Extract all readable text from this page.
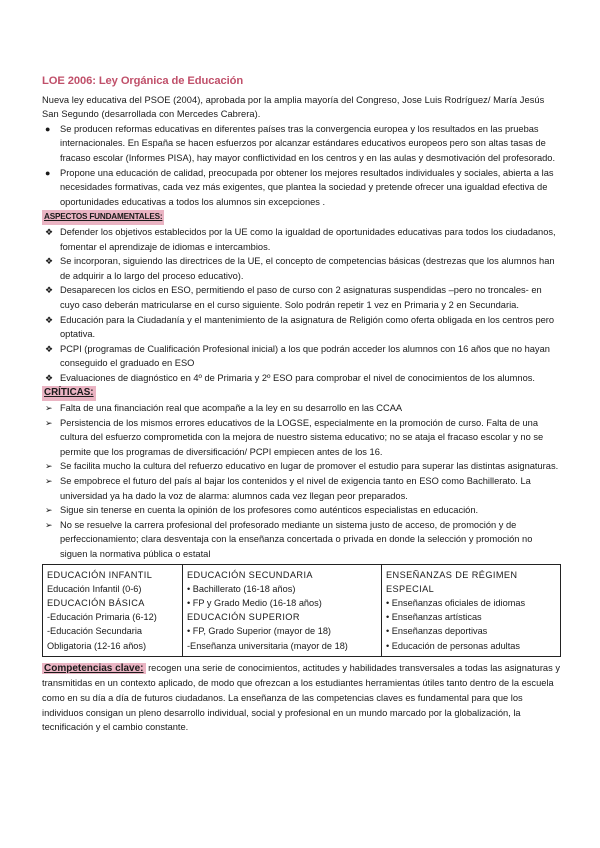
LOE 2006: Ley Orgánica de Educación
Nueva ley educativa del PSOE (2004), aprobada por la amplia mayoría del Congreso, Jose Luis Rodríguez/ María Jesús San Segundo (desarrollada con Mercedes Cabrera).
● Se producen reformas educativas en diferentes países tras la convergencia europea y los resultados en las pruebas internacionales. En España se hacen esfuerzos por alcanzar estándares educativos europeos pero son altas tasas de fracaso escolar (Informes PISA), hay mayor conflictividad en los centros y en las aulas y desmotivación del profesorado.
● Propone una educación de calidad, preocupada por obtener los mejores resultados individuales y sociales, abierta a las necesidades formativas, cada vez más exigentes, que plantea la sociedad y pretende ofrecer una igualdad efectiva de oportunidades educativas a todos los alumnos sin excepciones .
ASPECTOS FUNDAMENTALES:
❖ Defender los objetivos establecidos por la UE como la igualdad de oportunidades educativas para todos los ciudadanos, fomentar el aprendizaje de idiomas e intercambios.
❖ Se incorporan, siguiendo las directrices de la UE, el concepto de competencias básicas (destrezas que los alumnos han de adquirir a lo largo del proceso educativo).
❖ Desaparecen los ciclos en ESO, permitiendo el paso de curso con 2 asignaturas suspendidas –pero no troncales- en cuyo caso deberán matricularse en el curso siguiente. Solo podrán repetir 1 vez en Primaria y 2 en Secundaria.
❖ Educación para la Ciudadanía y el mantenimiento de la asignatura de Religión como oferta obligada en los centros pero optativa.
❖ PCPI (programas de Cualificación Profesional inicial) a los que podrán acceder los alumnos con 16 años que no hayan conseguido el graduado en ESO
❖ Evaluaciones de diagnóstico en 4º de Primaria y 2º ESO para comprobar el nivel de conocimientos de los alumnos.
CRÍTICAS:
➢ Falta de una financiación real que acompañe a la ley en su desarrollo en las CCAA
➢ Persistencia de los mismos errores educativos de la LOGSE, especialmente en la promoción de curso. Falta de una cultura del esfuerzo comprometida con la mejora de nuestro sistema educativo; no se ataja el fracaso escolar y no se permite que los programas de diversificación/ PCPI empiecen antes de los 16.
➢ Se facilita mucho la cultura del refuerzo educativo en lugar de promover el estudio para superar las distintas asignaturas.
➢ Se empobrece el futuro del país al bajar los contenidos y el nivel de exigencia tanto en ESO como Bachillerato. La universidad ya ha dado la voz de alarma: alumnos cada vez llegan peor preparados.
➢ Sigue sin tenerse en cuenta la opinión de los profesores como auténticos especialistas en educación.
➢ No se resuelve la carrera profesional del profesorado mediante un sistema justo de acceso, de promoción y de perfeccionamiento; clara desventaja con la enseñanza concertada o privada en donde la selección y promoción no siguen la normativa pública o estatal
EDUCACIÓN INFANTIL
Educación Infantil (0-6)
EDUCACIÓN BÁSICA
-Educación Primaria (6-12)
-Educación Secundaria Obligatoria (12-16 años)

EDUCACIÓN SECUNDARIA
• Bachillerato (16-18 años)
• FP y Grado Medio (16-18 años)
EDUCACIÓN SUPERIOR
• FP, Grado Superior (mayor de 18)
-Enseñanza universitaria (mayor de 18)

ENSEÑANZAS DE RÉGIMEN ESPECIAL
• Enseñanzas oficiales de idiomas
• Enseñanzas artísticas
• Enseñanzas deportivas
• Educación de personas adultas
Competencias clave: recogen una serie de conocimientos, actitudes y habilidades transversales a todas las asignaturas y transmitidas en un contexto aplicado, de modo que ofrezcan a los estudiantes herramientas útiles tanto dentro de la escuela como en su día a día de futuros ciudadanos. La enseñanza de las competencias claves es fundamental para que los individuos consigan un pleno desarrollo individual, social y profesional en un mundo marcado por la globalización, la tecnificación y el cambio constante.
